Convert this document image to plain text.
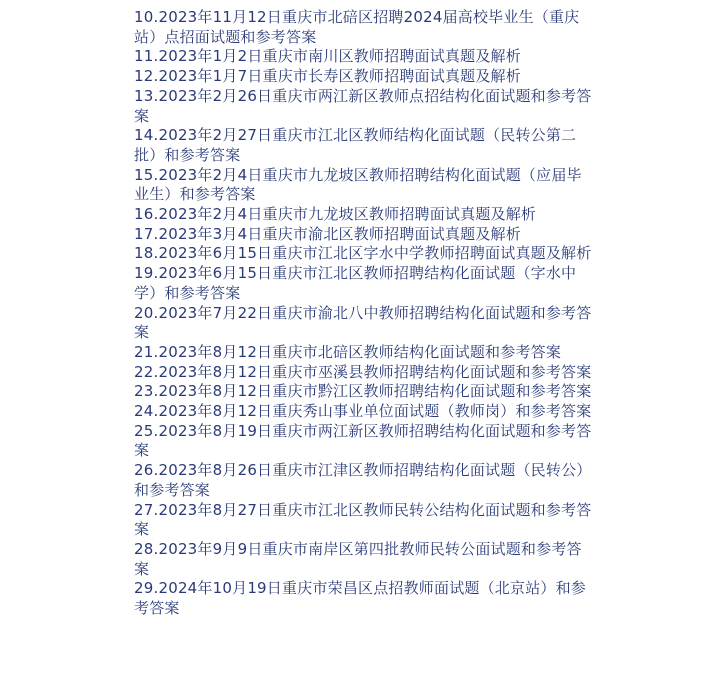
10.2023年11月12日重庆市北碚区招聘2024届高校毕业生（重庆站）点招面试题和参考答案

11.2023年1月2日重庆市南川区教师招聘面试真题及解析

12.2023年1月7日重庆市长寿区教师招聘面试真题及解析

13.2023年2月26日重庆市两江新区教师点招结构化面试题和参考答案

14.2023年2月27日重庆市江北区教师结构化面试题（民转公第二批）和参考答案

15.2023年2月4日重庆市九龙坡区教师招聘结构化面试题（应届毕业生）和参考答案

16.2023年2月4日重庆市九龙坡区教师招聘面试真题及解析

17.2023年3月4日重庆市渝北区教师招聘面试真题及解析

18.2023年6月15日重庆市江北区字水中学教师招聘面试真题及解析

19.2023年6月15日重庆市江北区教师招聘结构化面试题（字水中学）和参考答案

20.2023年7月22日重庆市渝北八中教师招聘结构化面试题和参考答案

21.2023年8月12日重庆市北碚区教师结构化面试题和参考答案

22.2023年8月12日重庆市巫溪县教师招聘结构化面试题和参考答案

23.2023年8月12日重庆市黔江区教师招聘结构化面试题和参考答案

24.2023年8月12日重庆秀山事业单位面试题（教师岗）和参考答案

25.2023年8月19日重庆市两江新区教师招聘结构化面试题和参考答案

26.2023年8月26日重庆市江津区教师招聘结构化面试题（民转公）和参考答案

27.2023年8月27日重庆市江北区教师民转公结构化面试题和参考答案

28.2023年9月9日重庆市南岸区第四批教师民转公面试题和参考答案

29.2024年10月19日重庆市荣昌区点招教师面试题（北京站）和参考答案
